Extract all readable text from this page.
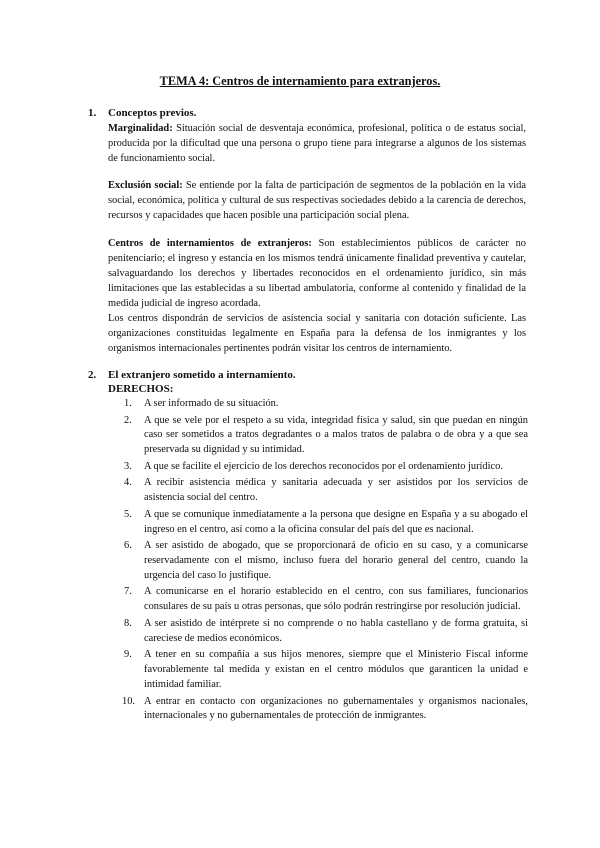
TEMA 4: Centros de internamiento para extranjeros.
1. Conceptos previos.

Marginalidad: Situación social de desventaja económica, profesional, política o de estatus social, producida por la dificultad que una persona o grupo tiene para integrarse a algunos de los sistemas de funcionamiento social.

Exclusión social: Se entiende por la falta de participación de segmentos de la población en la vida social, económica, política y cultural de sus respectivas sociedades debido a la carencia de derechos, recursos y capacidades que hacen posible una participación social plena.

Centros de internamientos de extranjeros: Son establecimientos públicos de carácter no penitenciario; el ingreso y estancia en los mismos tendrá únicamente finalidad preventiva y cautelar, salvaguardando los derechos y libertades reconocidos en el ordenamiento jurídico, sin más limitaciones que las establecidas a su libertad ambulatoria, conforme al contenido y finalidad de la medida judicial de ingreso acordada.

Los centros dispondrán de servicios de asistencia social y sanitaria con dotación suficiente. Las organizaciones constituidas legalmente en España para la defensa de los inmigrantes y los organismos internacionales pertinentes podrán visitar los centros de internamiento.

2. El extranjero sometido a internamiento.
DERECHOS:
1.	A ser informado de su situación.
2.	A que se vele por el respeto a su vida, integridad física y salud, sin que puedan en ningún caso ser sometidos a tratos degradantes o a malos tratos de palabra o de obra y a que sea preservada su dignidad y su intimidad.
3.	A que se facilite el ejercicio de los derechos reconocidos por el ordenamiento jurídico.
4.	A recibir asistencia médica y sanitaria adecuada y ser asistidos por los servicios de asistencia social del centro.
5.	A que se comunique inmediatamente a la persona que designe en España y a su abogado el ingreso en el centro, así como a la oficina consular del país del que es nacional.
6.	A ser asistido de abogado, que se proporcionará de oficio en su caso, y a comunicarse reservadamente con el mismo, incluso fuera del horario general del centro, cuando la urgencia del caso lo justifique.
7.	A comunicarse en el horario establecido en el centro, con sus familiares, funcionarios consulares de su país u otras personas, que sólo podrán restringirse por resolución judicial.
8.	A ser asistido de intérprete si no comprende o no habla castellano y de forma gratuita, si careciese de medios económicos.
9.	A tener en su compañía a sus hijos menores, siempre que el Ministerio Fiscal informe favorablemente tal medida y existan en el centro módulos que garanticen la unidad e intimidad familiar.
10. A entrar en contacto con organizaciones no gubernamentales y organismos nacionales, internacionales y no gubernamentales de protección de inmigrantes.
